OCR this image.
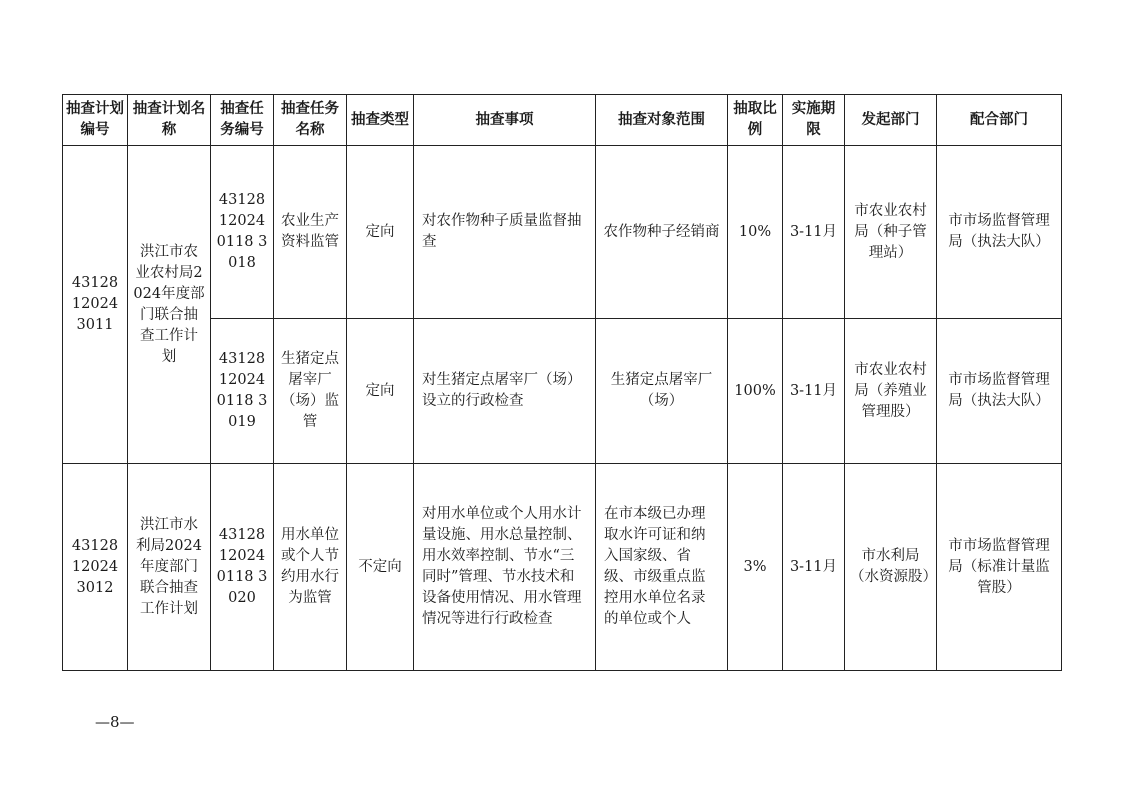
抽查计划编号	抽查计划名称	抽查任务编号	抽查任务名称	抽查类型	抽查事项	抽查对象范围	抽取比例	实施期限	发起部门	配合部门
43128120243011	洪江市农业农村局2024年度部门联合抽查工作计划	43128120240118 3018	农业生产资料监管	定向	对农作物种子质量监督抽查	农作物种子经销商	10%	3-11月	市农业农村局（种子管理站）	市市场监督管理局（执法大队）
		43128120240118 3019	生猪定点屠宰厂（场）监管	定向	对生猪定点屠宰厂（场）设立的行政检查	生猪定点屠宰厂（场）	100%	3-11月	市农业农村局（养殖业管理股）	市市场监督管理局（执法大队）
43128120243012	洪江市水利局2024年度部门联合抽查工作计划	43128120240118 3020	用水单位或个人节约用水行为监管	不定向	对用水单位或个人用水计量设施、用水总量控制、用水效率控制、节水“三同时”管理、节水技术和设备使用情况、用水管理情况等进行行政检查	在市本级已办理取水许可证和纳入国家级、省级、市级重点监控用水单位名录的单位或个人	3%	3-11月	市水利局（水资源股）	市市场监督管理局（标准计量监管股）
—8—
